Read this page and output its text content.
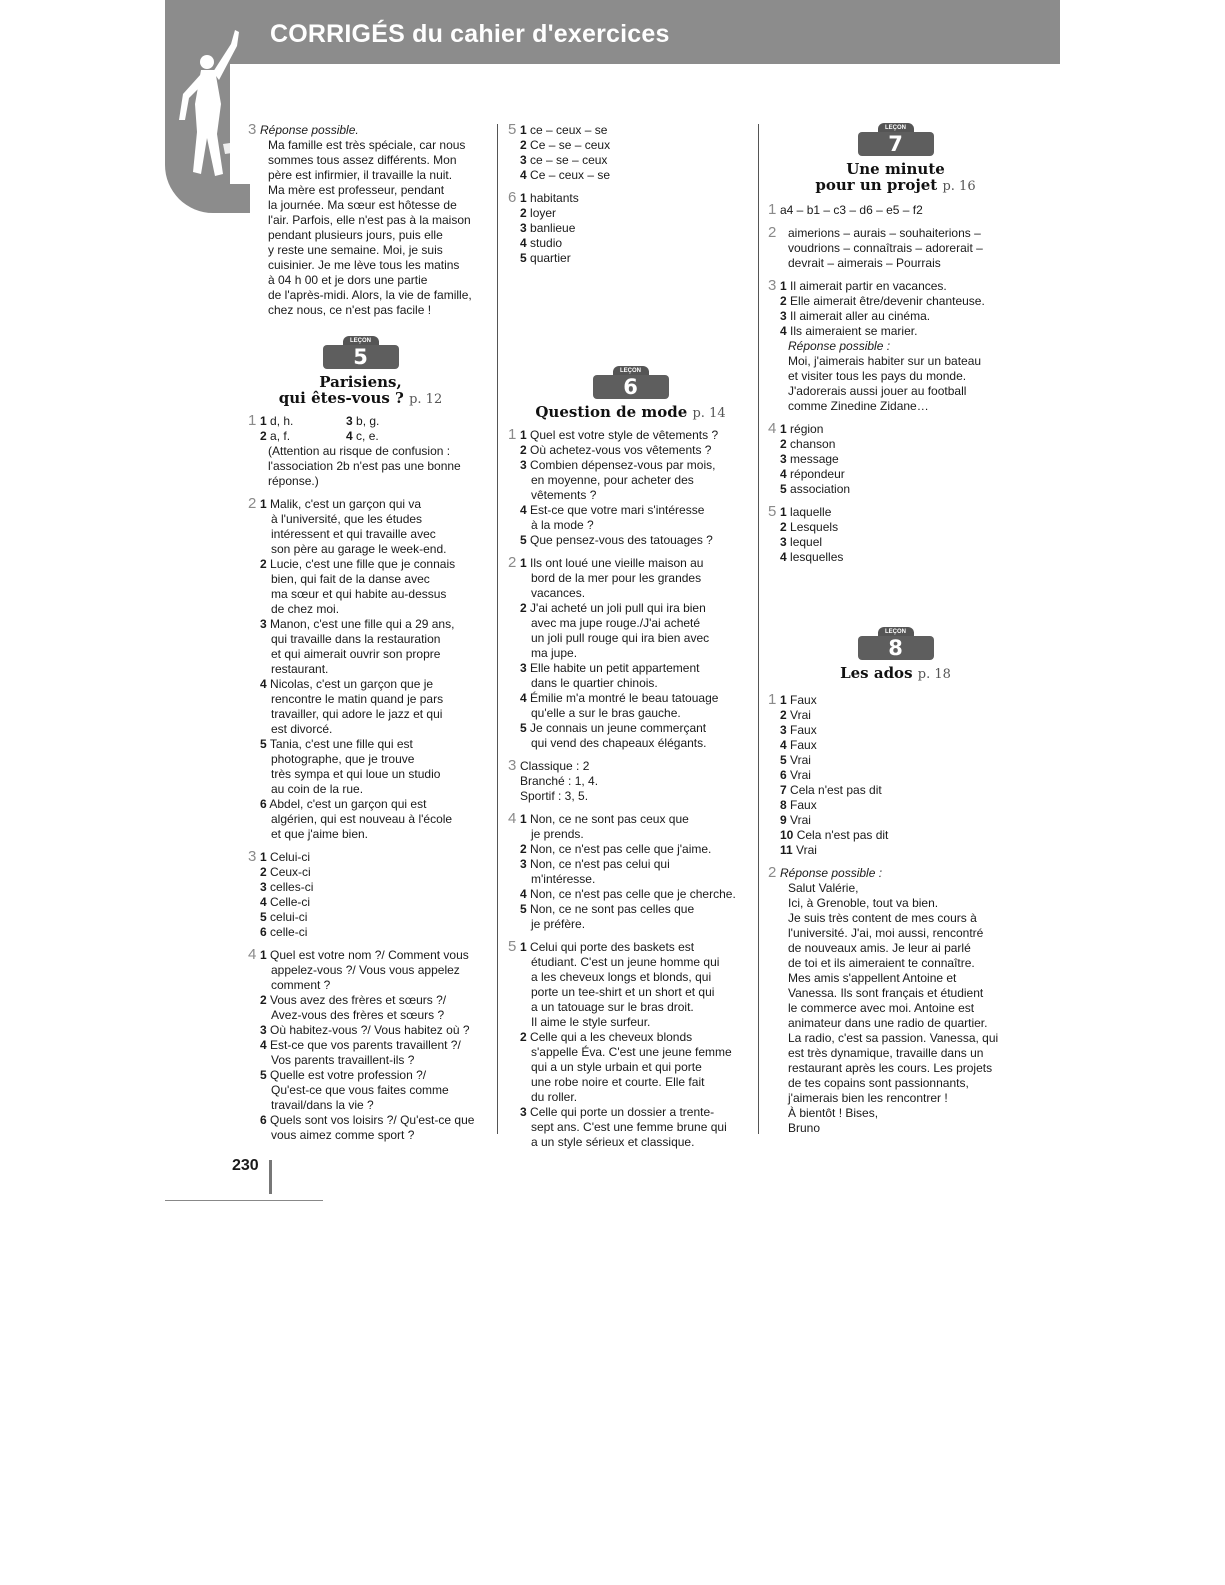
CORRIGÉS du cahier d'exercices
3 Réponse possible.

Ma famille est très spéciale, car nous

sommes tous assez différents. Mon

père est infirmier, il travaille la nuit.

Ma mère est professeur, pendant

la journée. Ma sœur est hôtesse de

l'air. Parfois, elle n'est pas à la maison

pendant plusieurs jours, puis elle

y reste une semaine. Moi, je suis

cuisinier. Je me lève tous les matins

à 04 h 00 et je dors une partie

de l'après-midi. Alors, la vie de famille,

chez nous, ce n'est pas facile !

LEÇON
5
Parisiens,
qui êtes-vous ? p. 12
1 1 d, h.	3 b, g.
2 a, f.	4 c, e.

(Attention au risque de confusion :

l'association 2b n'est pas une bonne

réponse.)

2 1 Malik, c'est un garçon qui va

à l'université, que les études

intéressent et qui travaille avec

son père au garage le week-end.

2 Lucie, c'est une fille que je connais

bien, qui fait de la danse avec

ma sœur et qui habite au-dessus

de chez moi.

3 Manon, c'est une fille qui a 29 ans,

qui travaille dans la restauration

et qui aimerait ouvrir son propre

restaurant.

4 Nicolas, c'est un garçon que je

rencontre le matin quand je pars

travailler, qui adore le jazz et qui

est divorcé.

5 Tania, c'est une fille qui est

photographe, que je trouve

très sympa et qui loue un studio

au coin de la rue.

6 Abdel, c'est un garçon qui est

algérien, qui est nouveau à l'école

et que j'aime bien.

3 1 Celui-ci

2 Ceux-ci

3 celles-ci

4 Celle-ci

5 celui-ci

6 celle-ci

4 1 Quel est votre nom ?/ Comment vous

appelez-vous ?/ Vous vous appelez

comment ?

2 Vous avez des frères et sœurs ?/

Avez-vous des frères et sœurs ?

3 Où habitez-vous ?/ Vous habitez où ?

4 Est-ce que vos parents travaillent ?/

Vos parents travaillent-ils ?

5 Quelle est votre profession ?/

Qu'est-ce que vous faites comme

travail/dans la vie ?

6 Quels sont vos loisirs ?/ Qu'est-ce que

vous aimez comme sport ?

5 1 ce – ceux – se

2 Ce – se – ceux

3 ce – se – ceux

4 Ce – ceux – se

6 1 habitants

2 loyer

3 banlieue

4 studio

5 quartier

LEÇON
6
Question de mode p. 14
1 1 Quel est votre style de vêtements ?

2 Où achetez-vous vos vêtements ?

3 Combien dépensez-vous par mois,

en moyenne, pour acheter des

vêtements ?

4 Est-ce que votre mari s'intéresse

à la mode ?

5 Que pensez-vous des tatouages ?

2 1 Ils ont loué une vieille maison au

bord de la mer pour les grandes

vacances.

2 J'ai acheté un joli pull qui ira bien

avec ma jupe rouge./J'ai acheté

un joli pull rouge qui ira bien avec

ma jupe.

3 Elle habite un petit appartement

dans le quartier chinois.

4 Émilie m'a montré le beau tatouage

qu'elle a sur le bras gauche.

5 Je connais un jeune commerçant

qui vend des chapeaux élégants.

3 Classique : 2

Branché : 1, 4.

Sportif : 3, 5.

4 1 Non, ce ne sont pas ceux que

je prends.

2 Non, ce n'est pas celle que j'aime.

3 Non, ce n'est pas celui qui

m'intéresse.

4 Non, ce n'est pas celle que je cherche.

5 Non, ce ne sont pas celles que

je préfère.

5 1 Celui qui porte des baskets est

étudiant. C'est un jeune homme qui

a les cheveux longs et blonds, qui

porte un tee-shirt et un short et qui

a un tatouage sur le bras droit.

Il aime le style surfeur.

2 Celle qui a les cheveux blonds

s'appelle Éva. C'est une jeune femme

qui a un style urbain et qui porte

une robe noire et courte. Elle fait

du roller.

3 Celle qui porte un dossier a trente-

sept ans. C'est une femme brune qui

a un style sérieux et classique.

LEÇON
7
Une minute
pour un projet p. 16
1 a4 – b1 – c3 – d6 – e5 – f2

2 aimerions – aurais – souhaiterions –

voudrions – connaîtrais – adorerait –

devrait – aimerais – Pourrais

3 1 Il aimerait partir en vacances.

2 Elle aimerait être/devenir chanteuse.

3 Il aimerait aller au cinéma.

4 Ils aimeraient se marier.

Réponse possible :

Moi, j'aimerais habiter sur un bateau

et visiter tous les pays du monde.

J'adorerais aussi jouer au football

comme Zinedine Zidane…

4 1 région

2 chanson

3 message

4 répondeur

5 association

5 1 laquelle

2 Lesquels

3 lequel

4 lesquelles

LEÇON
8
Les ados p. 18
1 1 Faux

2 Vrai

3 Faux

4 Faux

5 Vrai

6 Vrai

7 Cela n'est pas dit

8 Faux

9 Vrai

10 Cela n'est pas dit

11 Vrai

2 Réponse possible :

Salut Valérie,

Ici, à Grenoble, tout va bien.

Je suis très content de mes cours à

l'université. J'ai, moi aussi, rencontré

de nouveaux amis. Je leur ai parlé

de toi et ils aimeraient te connaître.

Mes amis s'appellent Antoine et

Vanessa. Ils sont français et étudient

le commerce avec moi. Antoine est

animateur dans une radio de quartier.

La radio, c'est sa passion. Vanessa, qui

est très dynamique, travaille dans un

restaurant après les cours. Les projets

de tes copains sont passionnants,

j'aimerais bien les rencontrer !

À bientôt ! Bises,

Bruno

230
